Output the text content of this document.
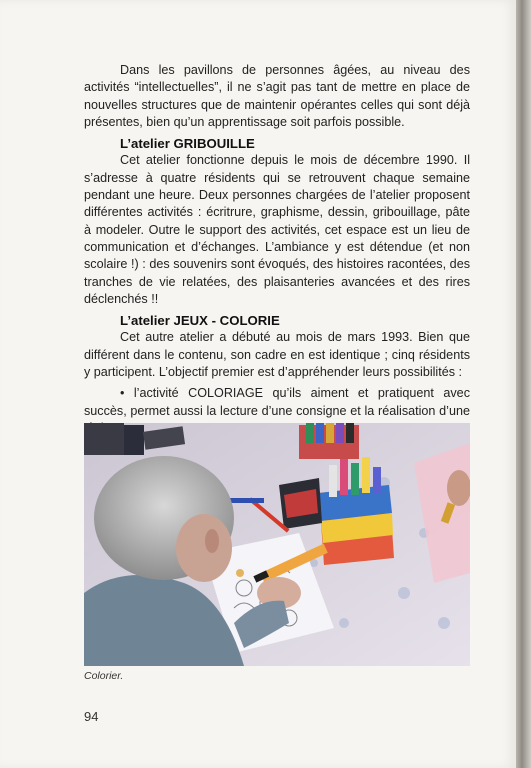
Dans les pavillons de personnes âgées, au niveau des activités “intellectuelles”, il ne s’agit pas tant de mettre en place de nouvelles structures que de maintenir opérantes celles qui sont déjà présentes, bien qu’un apprentissage soit parfois possible.

L’atelier GRIBOUILLE

Cet atelier fonctionne depuis le mois de décembre 1990. Il s’adresse à quatre résidents qui se retrouvent chaque semaine pendant une heure. Deux personnes chargées de l’atelier proposent différentes activités : écritrure, graphisme, dessin, gribouillage, pâte à modeler. Outre le support des activités, cet espace est un lieu de communication et d’échanges. L’ambiance y est détendue (et non scolaire !) : des souvenirs sont évoqués, des histoires racontées, des tranches de vie relatées, des plaisanteries avancées et des rires déclenchés !!

L’atelier JEUX - COLORIE

Cet autre atelier a débuté au mois de mars 1993. Bien que différent dans le contenu, son cadre en est identique ; cinq résidents y participent. L’objectif premier est d’appréhender leurs possibilités :

• l’activité COLORIAGE qu’ils aiment et pratiquent avec succès, permet aussi la lecture d’une consigne et la réalisation d’une

Colorier.
94
